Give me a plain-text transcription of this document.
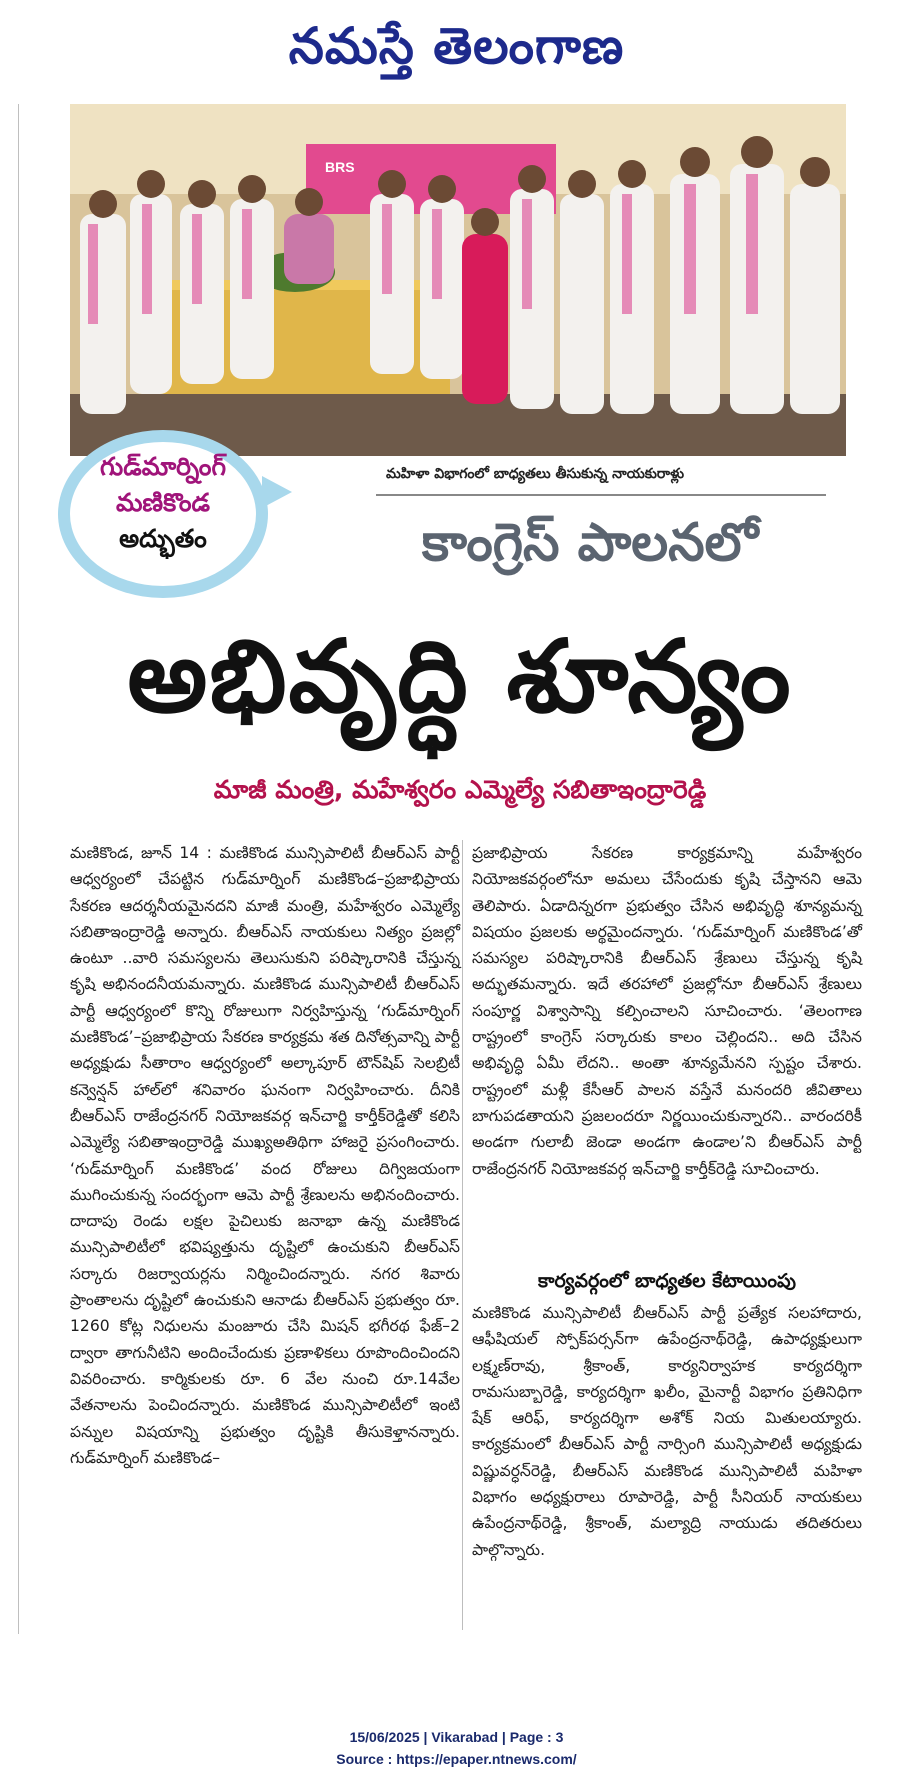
నమస్తే తెలంగాణ
BRS
మహిళా విభాగంలో బాధ్యతలు తీసుకున్న నాయకురాళ్లు
గుడ్‌మార్నింగ్
మణికొండ
అద్భుతం	కాంగ్రెస్ పాలనలో
అభివృద్ధి శూన్యం
మాజీ మంత్రి, మహేశ్వరం ఎమ్మెల్యే సబితాఇంద్రారెడ్డి
మణికొండ, జూన్ 14 : మణికొండ మున్సిపాలిటీ బీఆర్ఎస్ పార్టీ ఆధ్వర్యంలో చేపట్టిన గుడ్‌మార్నింగ్ మణికొండ–ప్రజాభిప్రాయ సేకరణ ఆదర్శనీయమైనదని మాజీ మంత్రి, మహేశ్వరం ఎమ్మెల్యే సబితాఇంద్రారెడ్డి అన్నారు. బీఆర్ఎస్ నాయకులు నిత్యం ప్రజల్లో ఉంటూ ..వారి సమస్యలను తెలుసుకుని పరిష్కారానికి చేస్తున్న కృషి అభినందనీయమన్నారు. మణికొండ మున్సిపాలిటీ బీఆర్ఎస్ పార్టీ ఆధ్వర్యంలో కొన్ని రోజులుగా నిర్వహిస్తున్న ‘గుడ్‌మార్నింగ్ మణికొండ’–ప్రజాభిప్రాయ సేకరణ కార్యక్రమ శత దినోత్సవాన్ని పార్టీ అధ్యక్షుడు సీతారాం ఆధ్వర్యంలో అల్కాపూర్ టౌన్‌షిప్ సెలబ్రిటీ కన్వెన్షన్ హాల్‌లో శనివారం ఘనంగా నిర్వహించారు. దీనికి బీఆర్ఎస్ రాజేంద్రనగర్ నియోజకవర్గ ఇన్‌చార్జి కార్తీక్‌రెడ్డితో కలిసి ఎమ్మెల్యే సబితాఇంద్రారెడ్డి ముఖ్యఅతిథిగా హాజరై ప్రసంగించారు. ‘గుడ్‌మార్నింగ్ మణికొండ’ వంద రోజులు దిగ్విజయంగా ముగించుకున్న సందర్భంగా ఆమె పార్టీ శ్రేణులను అభినందించారు. దాదాపు రెండు లక్షల పైచిలుకు జనాభా ఉన్న మణికొండ మున్సిపాలిటీలో భవిష్యత్తును దృష్టిలో ఉంచుకుని బీఆర్ఎస్ సర్కారు రిజర్వాయర్లను నిర్మించిందన్నారు. నగర శివారు ప్రాంతాలను దృష్టిలో ఉంచుకుని ఆనాడు బీఆర్ఎస్ ప్రభుత్వం రూ. 1260 కోట్ల నిధులను మంజూరు చేసి మిషన్ భగీరథ ఫేజ్–2 ద్వారా తాగునీటిని అందించేందుకు ప్రణాళికలు రూపొందించిందని వివరించారు. కార్మికులకు రూ. 6 వేల నుంచి రూ.14వేల వేతనాలను పెంచిందన్నారు. మణికొండ మున్సిపాలిటీలో ఇంటి పన్నుల విషయాన్ని ప్రభుత్వం దృష్టికి తీసుకెళ్తానన్నారు. గుడ్‌మార్నింగ్ మణికొండ–
ప్రజాభిప్రాయ సేకరణ కార్యక్రమాన్ని మహేశ్వరం నియోజకవర్గంలోనూ అమలు చేసేందుకు కృషి చేస్తానని ఆమె తెలిపారు. ఏడాదిన్నరగా ప్రభుత్వం చేసిన అభివృద్ధి శూన్యమన్న విషయం ప్రజలకు అర్థమైందన్నారు. ‘గుడ్‌మార్నింగ్ మణికొండ’తో సమస్యల పరిష్కారానికి బీఆర్ఎస్ శ్రేణులు చేస్తున్న కృషి అద్భుతమన్నారు. ఇదే తరహాలో ప్రజల్లోనూ బీఆర్ఎస్ శ్రేణులు సంపూర్ణ విశ్వాసాన్ని కల్పించాలని సూచించారు. ‘తెలంగాణ రాష్ట్రంలో కాంగ్రెస్ సర్కారుకు కాలం చెల్లిందని.. అది చేసిన అభివృద్ధి ఏమీ లేదని.. అంతా శూన్యమేనని స్పష్టం చేశారు. రాష్ట్రంలో మళ్లీ కేసీఆర్ పాలన వస్తేనే మనందరి జీవితాలు బాగుపడతాయని ప్రజలందరూ నిర్ణయించుకున్నారని.. వారందరికీ అండగా గులాబీ జెండా అండగా ఉండాల’ని బీఆర్ఎస్ పార్టీ రాజేంద్రనగర్ నియోజకవర్గ ఇన్‌చార్జి కార్తీక్‌రెడ్డి సూచించారు.
కార్యవర్గంలో బాధ్యతల కేటాయింపు
మణికొండ మున్సిపాలిటీ బీఆర్ఎస్ పార్టీ ప్రత్యేక సలహాదారు, ఆఫీషియల్ స్పోక్‌పర్సన్‌గా ఉపేంద్రనాథ్‌రెడ్డి, ఉపాధ్యక్షులుగా లక్ష్మణ్‌రావు, శ్రీకాంత్, కార్యనిర్వాహక కార్యదర్శిగా రామసుబ్బారెడ్డి, కార్యదర్శిగా ఖలీం, మైనార్టీ విభాగం ప్రతినిధిగా షేక్ ఆరిఫ్, కార్యదర్శిగా అశోక్ నియ మితులయ్యారు. కార్యక్రమంలో బీఆర్ఎస్ పార్టీ నార్సింగి మున్సిపాలిటీ అధ్యక్షుడు విష్ణువర్ధన్‌రెడ్డి, బీఆర్ఎస్ మణికొండ మున్సిపాలిటీ మహిళా విభాగం అధ్యక్షురాలు రూపారెడ్డి, పార్టీ సీనియర్ నాయకులు ఉపేంద్రనాథ్‌రెడ్డి, శ్రీకాంత్, మల్యాద్రి నాయుడు తదితరులు పాల్గొన్నారు.
15/06/2025 | Vikarabad | Page : 3
Source : https://epaper.ntnews.com/
